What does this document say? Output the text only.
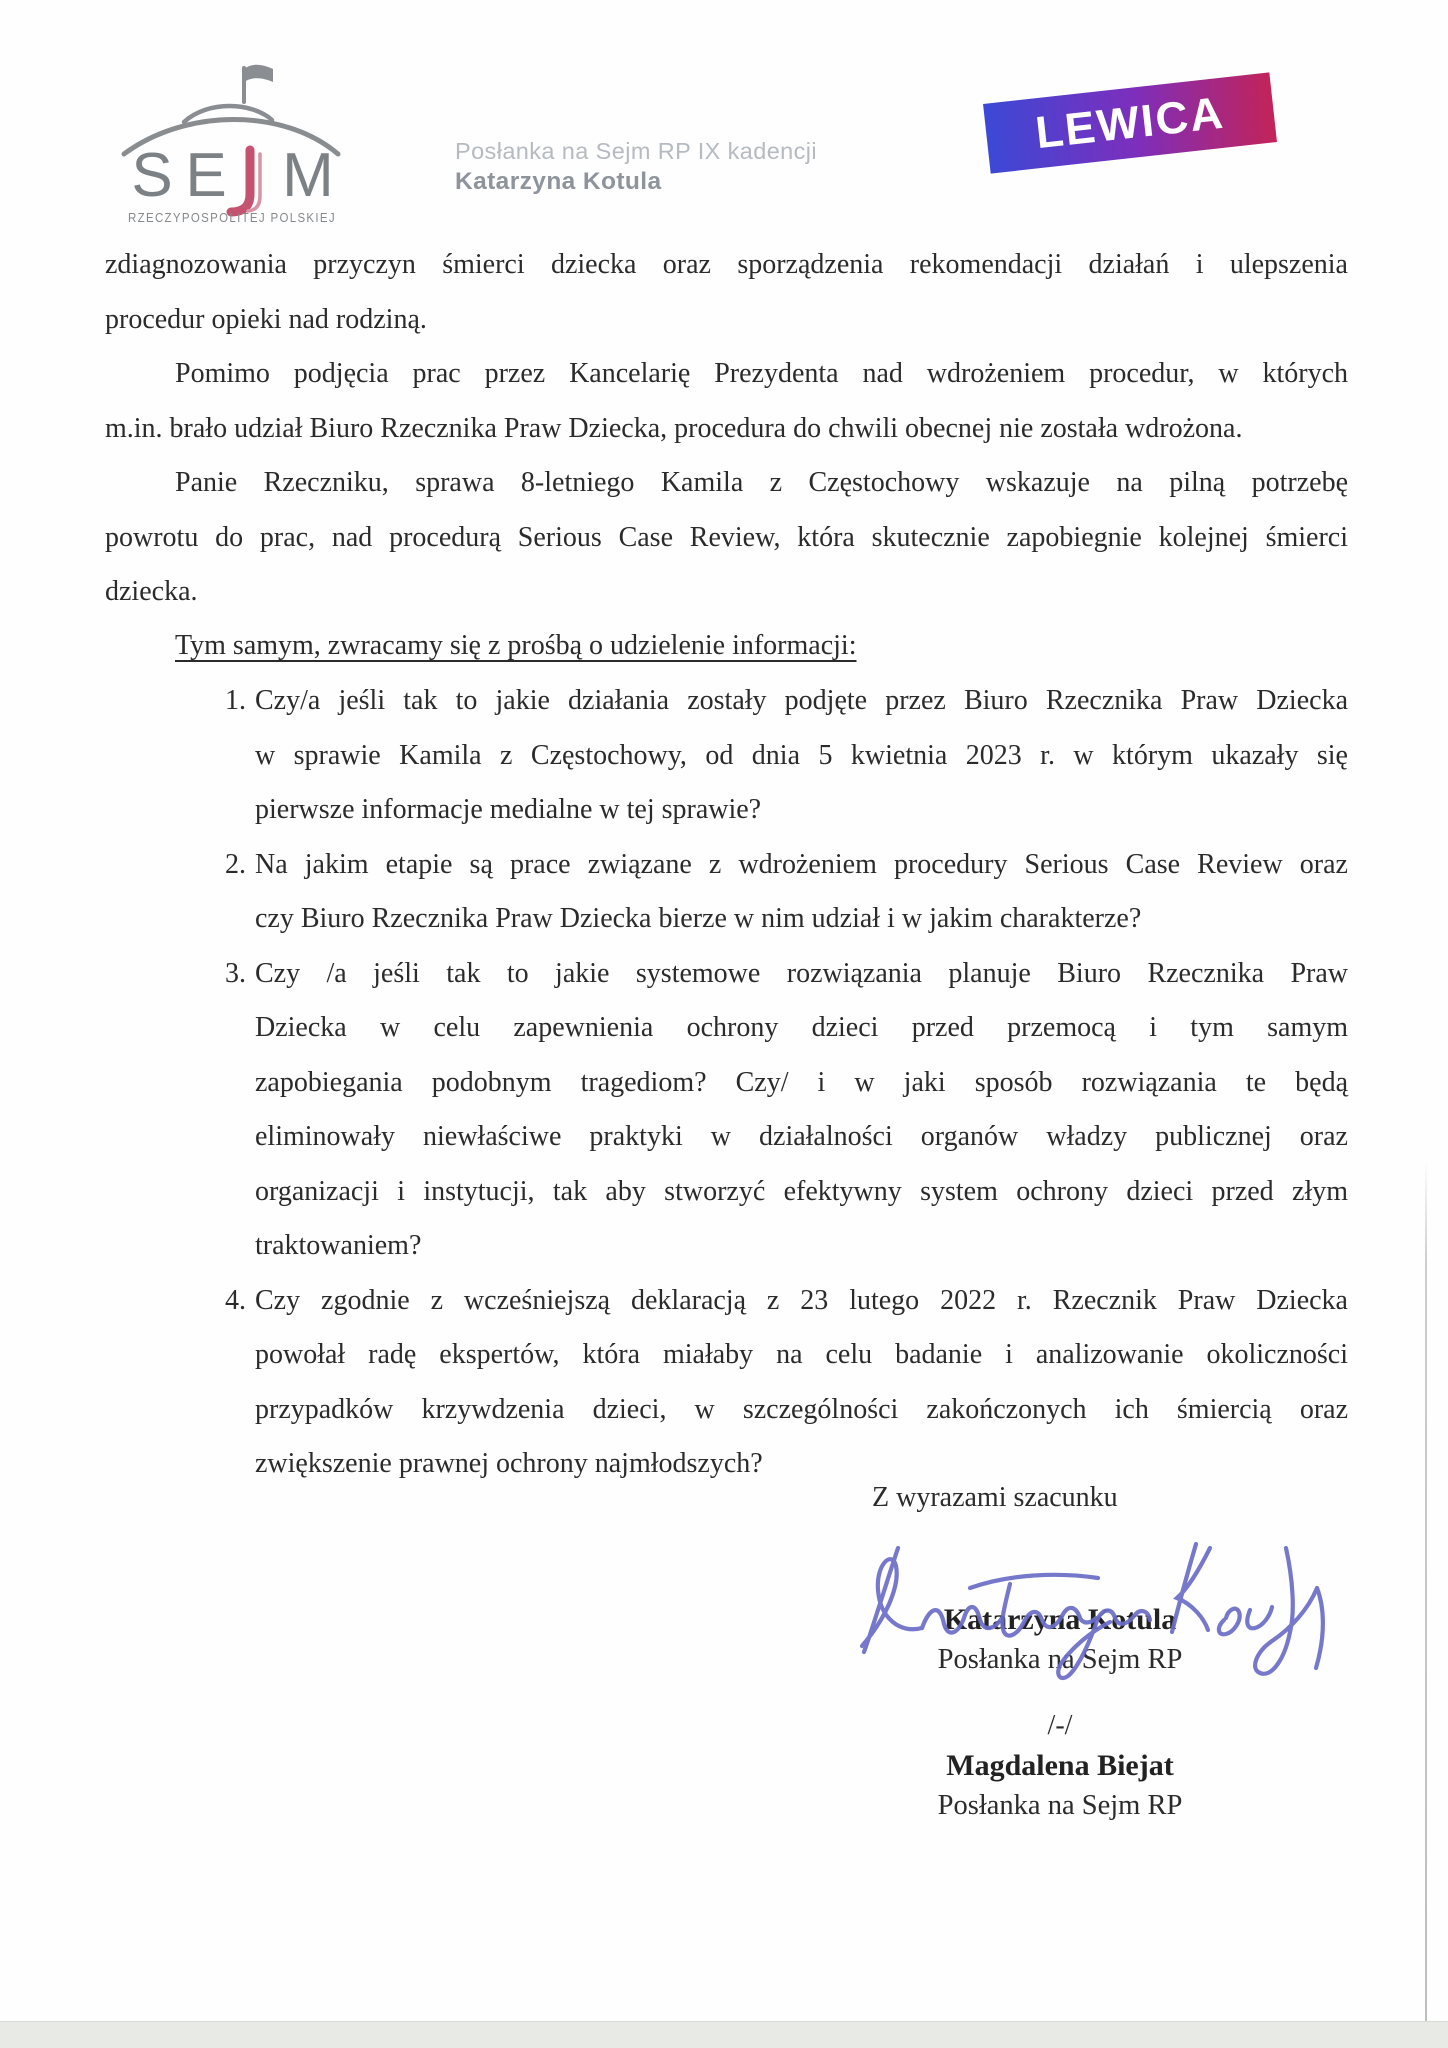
S E M
RZECZYPOSPOLITEJ POLSKIEJ
Posłanka na Sejm RP IX kadencji
Katarzyna Kotula
LEWICA
zdiagnozowania przyczyn śmierci dziecka oraz sporządzenia rekomendacji działań i ulepszenia
procedur opieki nad rodziną.
Pomimo podjęcia prac przez Kancelarię Prezydenta nad wdrożeniem procedur, w których
m.in. brało udział Biuro Rzecznika Praw Dziecka, procedura do chwili obecnej nie została wdrożona.
Panie Rzeczniku, sprawa 8-letniego Kamila z Częstochowy wskazuje na pilną potrzebę
powrotu do prac, nad procedurą Serious Case Review, która skutecznie zapobiegnie kolejnej śmierci
dziecka.
Tym samym, zwracamy się z prośbą o udzielenie informacji:
1. Czy/a jeśli tak to jakie działania zostały podjęte przez Biuro Rzecznika Praw Dziecka
w sprawie Kamila z Częstochowy, od dnia 5 kwietnia 2023 r. w którym ukazały się
pierwsze informacje medialne w tej sprawie?
2. Na jakim etapie są prace związane z wdrożeniem procedury Serious Case Review oraz
czy Biuro Rzecznika Praw Dziecka bierze w nim udział i w jakim charakterze?
3. Czy /a jeśli tak to jakie systemowe rozwiązania planuje Biuro Rzecznika Praw
Dziecka w celu zapewnienia ochrony dzieci przed przemocą i tym samym
zapobiegania podobnym tragediom? Czy/ i w jaki sposób rozwiązania te będą
eliminowały niewłaściwe praktyki w działalności organów władzy publicznej oraz
organizacji i instytucji, tak aby stworzyć efektywny system ochrony dzieci przed złym
traktowaniem?
4. Czy zgodnie z wcześniejszą deklaracją z 23 lutego 2022 r. Rzecznik Praw Dziecka
powołał radę ekspertów, która miałaby na celu badanie i analizowanie okoliczności
przypadków krzywdzenia dzieci, w szczególności zakończonych ich śmiercią oraz
zwiększenie prawnej ochrony najmłodszych?
Z wyrazami szacunku
Katarzyna Kotula
Posłanka na Sejm RP
/-/
Magdalena Biejat
Posłanka na Sejm RP
